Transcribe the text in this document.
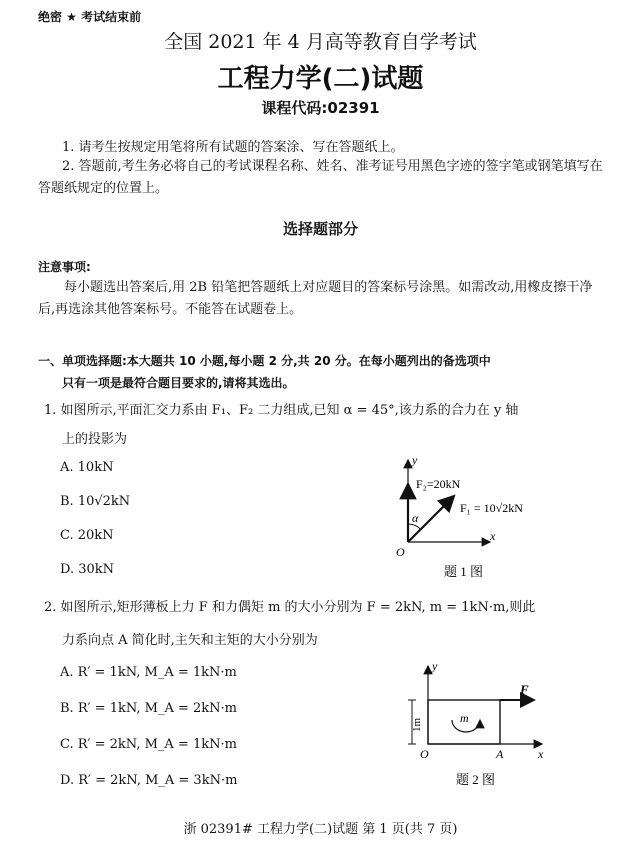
绝密 ★ 考试结束前
全国 2021 年 4 月高等教育自学考试
工程力学(二)试题
课程代码:02391
1. 请考生按规定用笔将所有试题的答案涂、写在答题纸上。
2. 答题前,考生务必将自己的考试课程名称、姓名、准考证号用黑色字迹的签字笔或钢笔填写在答题纸规定的位置上。
选择题部分
注意事项:
每小题选出答案后,用 2B 铅笔把答题纸上对应题目的答案标号涂黑。如需改动,用橡皮擦干净后,再选涂其他答案标号。不能答在试题卷上。
一、单项选择题:本大题共 10 小题,每小题 2 分,共 20 分。在每小题列出的备选项中
只有一项是最符合题目要求的,请将其选出。
1. 如图所示,平面汇交力系由 F₁、F₂ 二力组成,已知 α = 45°,该力系的合力在 y 轴
上的投影为
A. 10kN
B. 10√2kN
C. 20kN
D. 30kN
y
x
O
F₂=20kN
F₁ = 10√2kN
α
题 1 图
2. 如图所示,矩形薄板上力 F 和力偶矩 m 的大小分别为 F = 2kN, m = 1kN·m,则此
力系向点 A 简化时,主矢和主矩的大小分别为
A. R′ = 1kN, M_A = 1kN·m
B. R′ = 1kN, M_A = 2kN·m
C. R′ = 2kN, M_A = 1kN·m
D. R′ = 2kN, M_A = 3kN·m
1m
y
x
O	A
F
m
题 2 图
浙 02391# 工程力学(二)试题 第 1 页(共 7 页)
